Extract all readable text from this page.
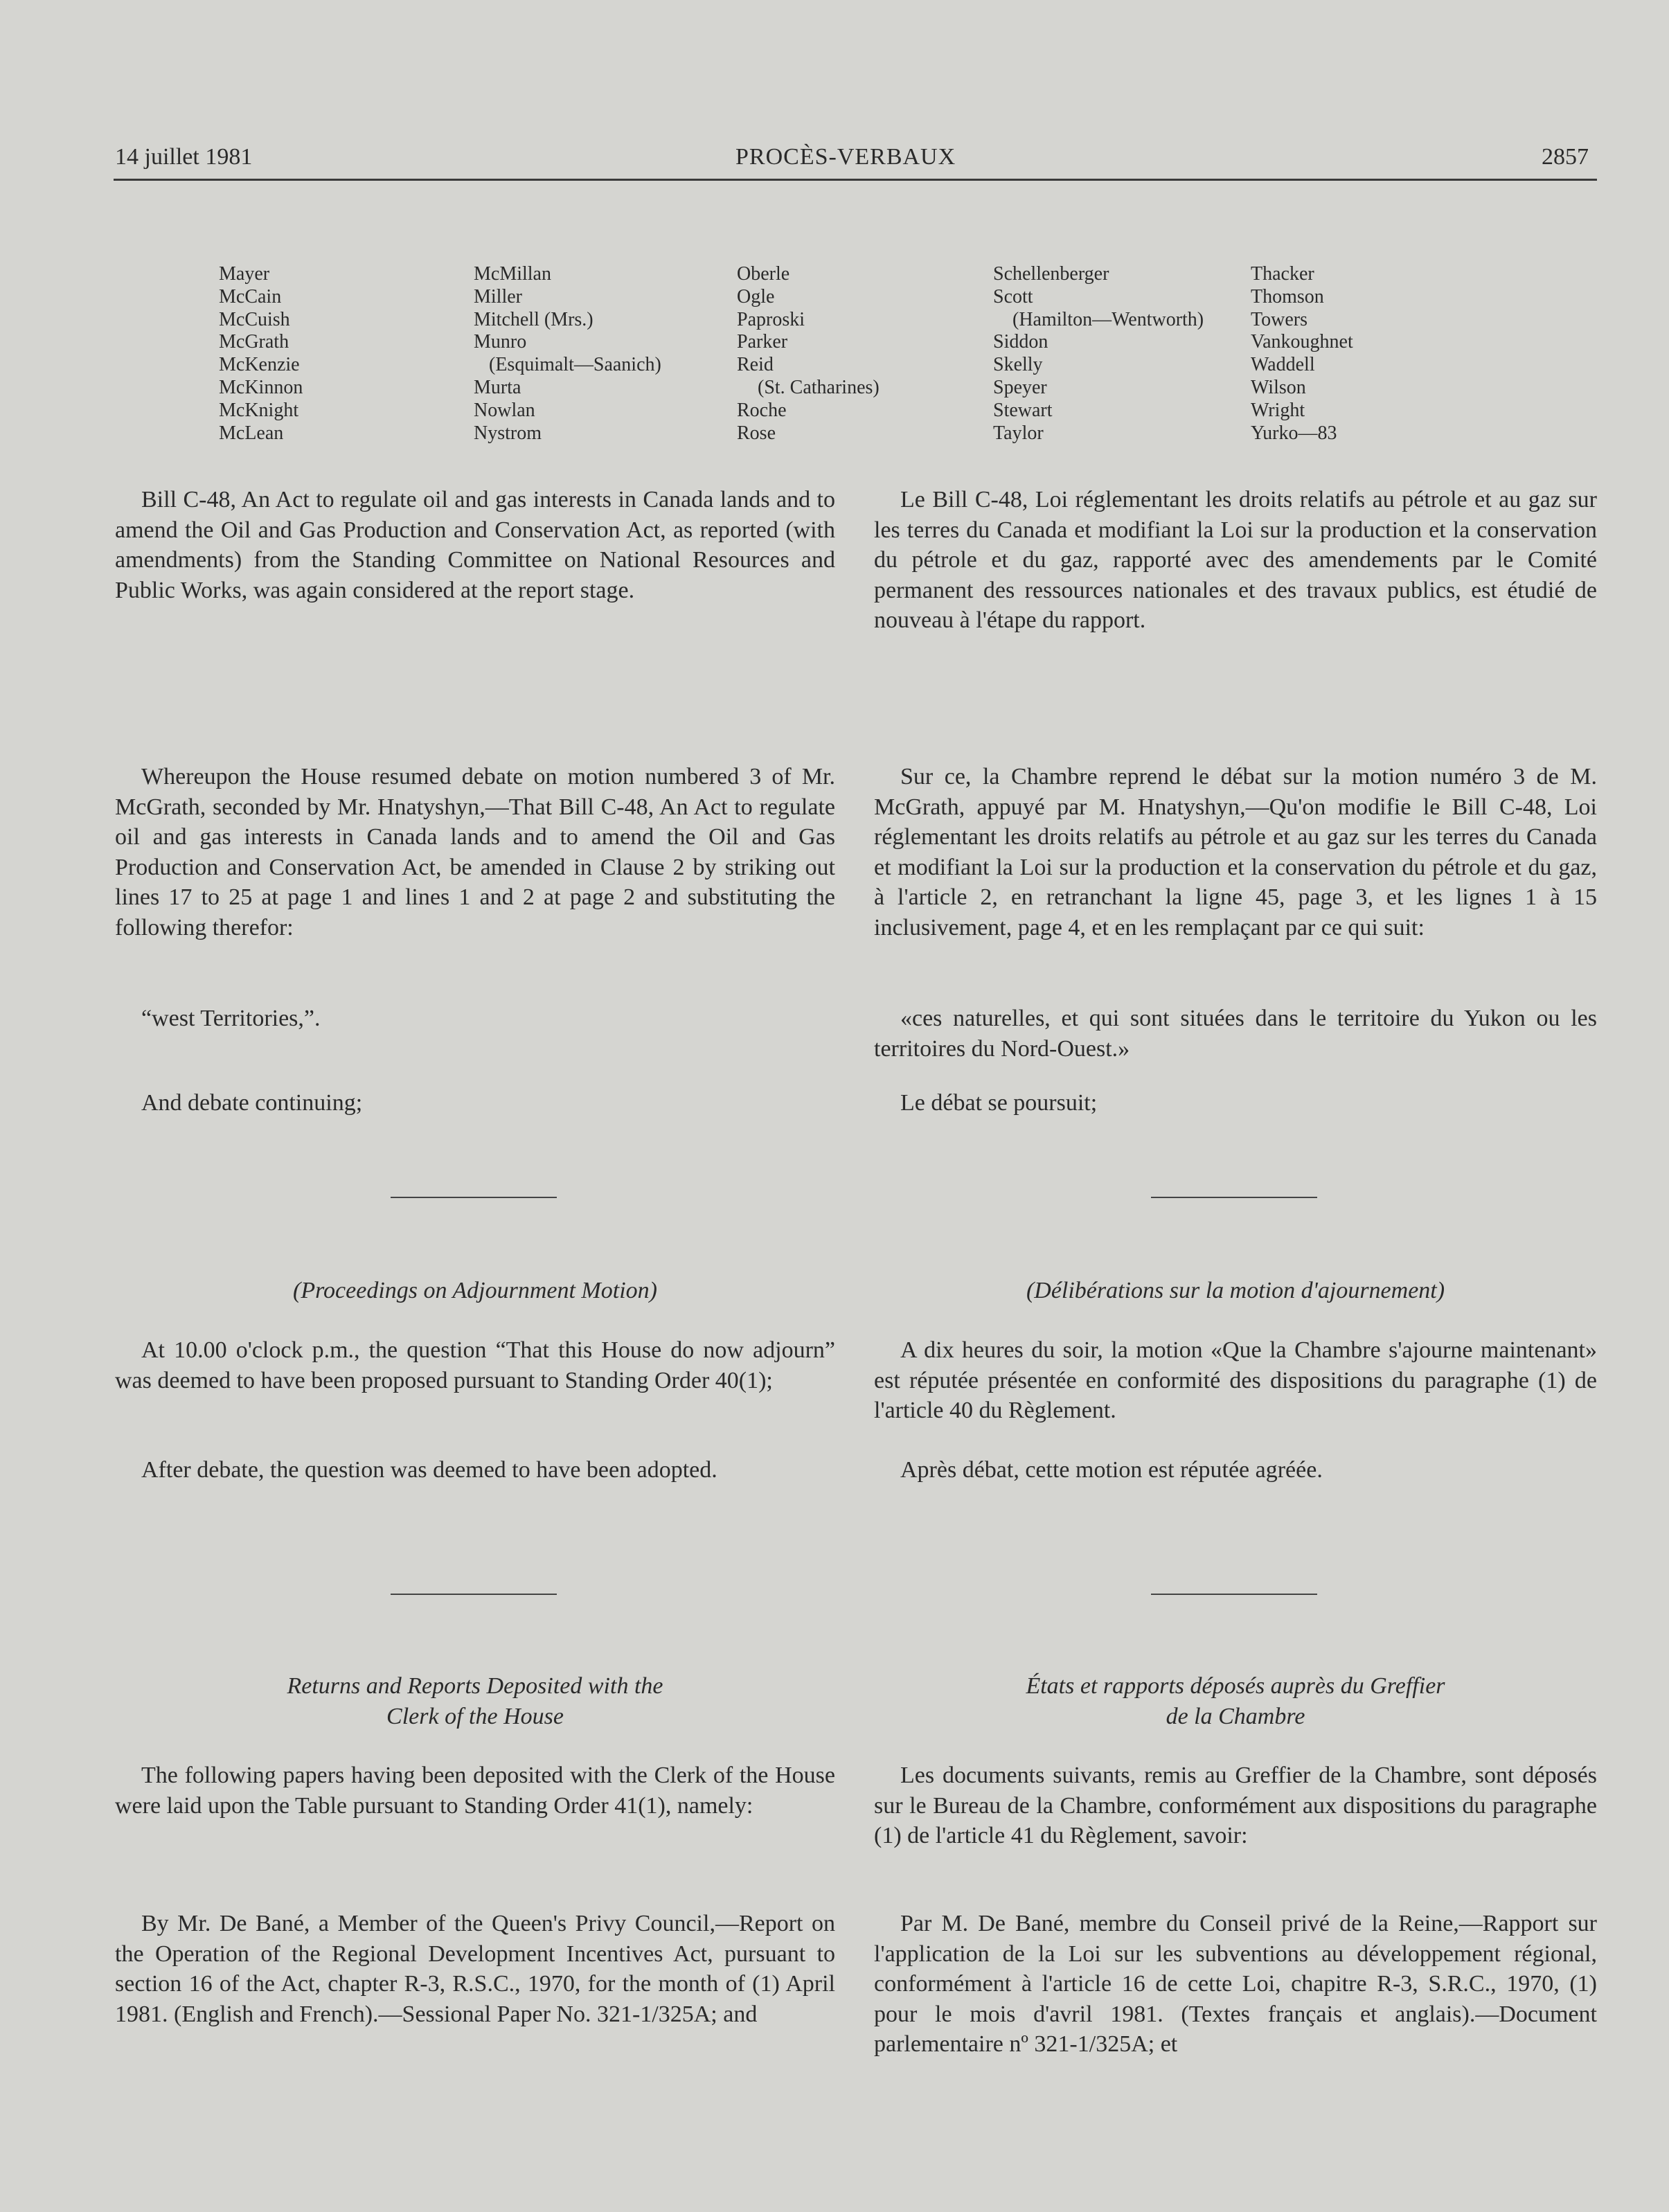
14 juillet 1981	PROCÈS-VERBAUX	2857
Mayer
McCain
McCuish
McGrath
McKenzie
McKinnon
McKnight
McLean
McMillan
Miller
Mitchell (Mrs.)
Munro
(Esquimalt—Saanich)
Murta
Nowlan
Nystrom
Oberle
Ogle
Paproski
Parker
Reid
(St. Catharines)
Roche
Rose
Schellenberger
Scott
(Hamilton—Wentworth)
Siddon
Skelly
Speyer
Stewart
Taylor
Thacker
Thomson
Towers
Vankoughnet
Waddell
Wilson
Wright
Yurko—83
Bill C-48, An Act to regulate oil and gas interests in Canada lands and to amend the Oil and Gas Production and Conservation Act, as reported (with amendments) from the Standing Committee on National Resources and Public Works, was again considered at the report stage.
Whereupon the House resumed debate on motion numbered 3 of Mr. McGrath, seconded by Mr. Hnatyshyn,—That Bill C-48, An Act to regulate oil and gas interests in Canada lands and to amend the Oil and Gas Production and Conservation Act, be amended in Clause 2 by striking out lines 17 to 25 at page 1 and lines 1 and 2 at page 2 and substituting the following therefor:
“west Territories,”.
And debate continuing;
(Proceedings on Adjournment Motion)
At 10.00 o'clock p.m., the question “That this House do now adjourn” was deemed to have been proposed pursuant to Standing Order 40(1);
After debate, the question was deemed to have been adopted.
Returns and Reports Deposited with the
Clerk of the House
The following papers having been deposited with the Clerk of the House were laid upon the Table pursuant to Standing Order 41(1), namely:
By Mr. De Bané, a Member of the Queen's Privy Council,—Report on the Operation of the Regional Development Incentives Act, pursuant to section 16 of the Act, chapter R-3, R.S.C., 1970, for the month of (1) April 1981. (English and French).—Sessional Paper No. 321-1/325A; and
Le Bill C-48, Loi réglementant les droits relatifs au pétrole et au gaz sur les terres du Canada et modifiant la Loi sur la production et la conservation du pétrole et du gaz, rapporté avec des amendements par le Comité permanent des ressources nationales et des travaux publics, est étudié de nouveau à l'étape du rapport.
Sur ce, la Chambre reprend le débat sur la motion numéro 3 de M. McGrath, appuyé par M. Hnatyshyn,—Qu'on modifie le Bill C-48, Loi réglementant les droits relatifs au pétrole et au gaz sur les terres du Canada et modifiant la Loi sur la production et la conservation du pétrole et du gaz, à l'article 2, en retranchant la ligne 45, page 3, et les lignes 1 à 15 inclusivement, page 4, et en les remplaçant par ce qui suit:
«ces naturelles, et qui sont situées dans le territoire du Yukon ou les territoires du Nord-Ouest.»
Le débat se poursuit;
(Délibérations sur la motion d'ajournement)
A dix heures du soir, la motion «Que la Chambre s'ajourne maintenant» est réputée présentée en conformité des dispositions du paragraphe (1) de l'article 40 du Règlement.
Après débat, cette motion est réputée agréée.
États et rapports déposés auprès du Greffier
de la Chambre
Les documents suivants, remis au Greffier de la Chambre, sont déposés sur le Bureau de la Chambre, conformément aux dispositions du paragraphe (1) de l'article 41 du Règlement, savoir:
Par M. De Bané, membre du Conseil privé de la Reine,—Rapport sur l'application de la Loi sur les subventions au développement régional, conformément à l'article 16 de cette Loi, chapitre R-3, S.R.C., 1970, (1) pour le mois d'avril 1981. (Textes français et anglais).—Document parlementaire nº 321-1/325A; et
